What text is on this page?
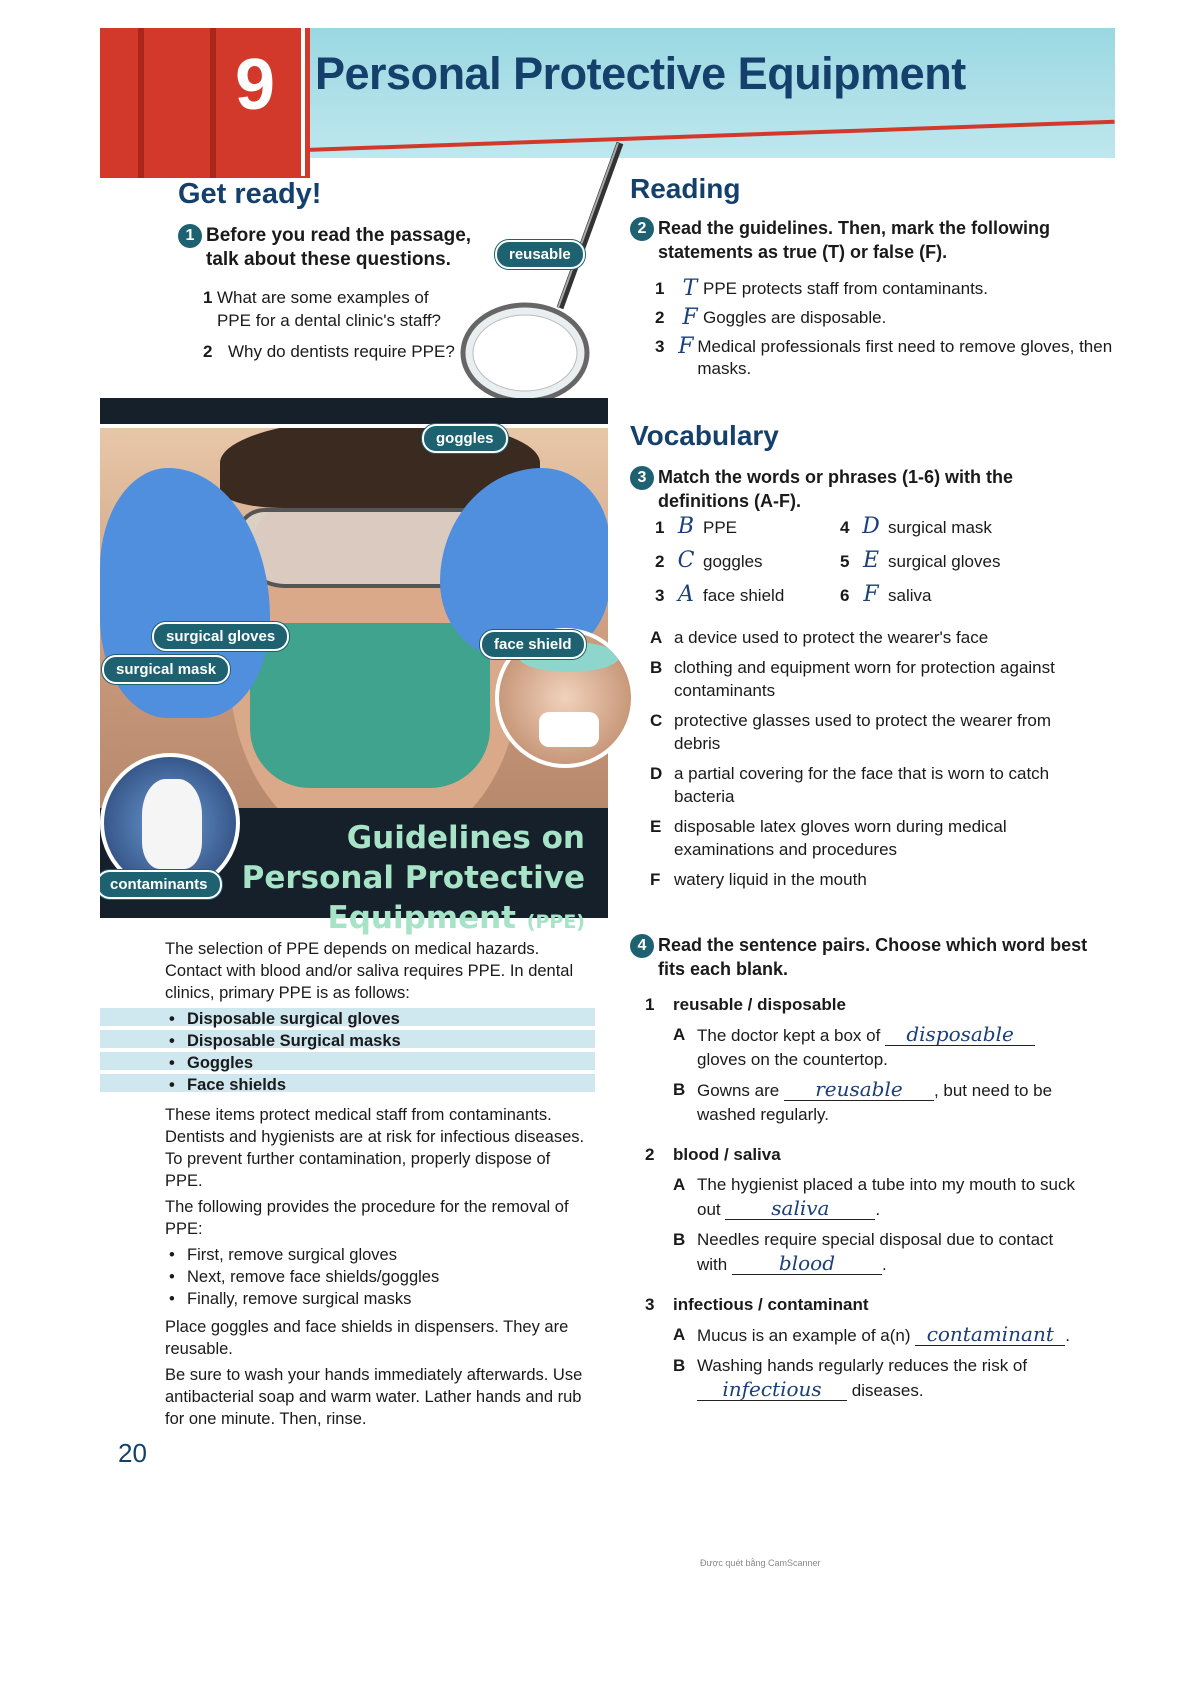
9 Personal Protective Equipment
Get ready!
1 Before you read the passage, talk about these questions.
1 What are some examples of PPE for a dental clinic's staff?
2 Why do dentists require PPE?
reusable
goggles
surgical gloves
surgical mask
face shield
contaminants
Guidelines on Personal Protective Equipment (PPE)

The selection of PPE depends on medical hazards. Contact with blood and/or saliva requires PPE. In dental clinics, primary PPE is as follows:

• Disposable surgical gloves
• Disposable Surgical masks
• Goggles
• Face shields

These items protect medical staff from contaminants. Dentists and hygienists are at risk for infectious diseases. To prevent further contamination, properly dispose of PPE.

The following provides the procedure for the removal of PPE:

• First, remove surgical gloves
• Next, remove face shields/goggles
• Finally, remove surgical masks

Place goggles and face shields in dispensers. They are reusable.

Be sure to wash your hands immediately afterwards. Use antibacterial soap and warm water. Lather hands and rub for one minute. Then, rinse.

20
Reading
2 Read the guidelines. Then, mark the following statements as true (T) or false (F).
1 T PPE protects staff from contaminants.
2 F Goggles are disposable.
3 F Medical professionals first need to remove gloves, then masks.
Vocabulary
3 Match the words or phrases (1-6) with the definitions (A-F).
1 B PPE	4 D surgical mask
2 C goggles	5 E surgical gloves
3 A face shield	6 F saliva
A a device used to protect the wearer's face
B clothing and equipment worn for protection against contaminants
C protective glasses used to protect the wearer from debris
D a partial covering for the face that is worn to catch bacteria
E disposable latex gloves worn during medical examinations and procedures
F watery liquid in the mouth
4 Read the sentence pairs. Choose which word best fits each blank.
1	reusable / disposable
A The doctor kept a box of disposable gloves on the countertop.
B Gowns are reusable , but need to be washed regularly.
2	blood / saliva
A The hygienist placed a tube into my mouth to suck out	saliva	.
B Needles require special disposal due to contact with	blood	.
3	infectious / contaminant
A Mucus is an example of a(n) contaminant .
B Washing hands regularly reduces the risk of infectious diseases.
Được quét bằng CamScanner
